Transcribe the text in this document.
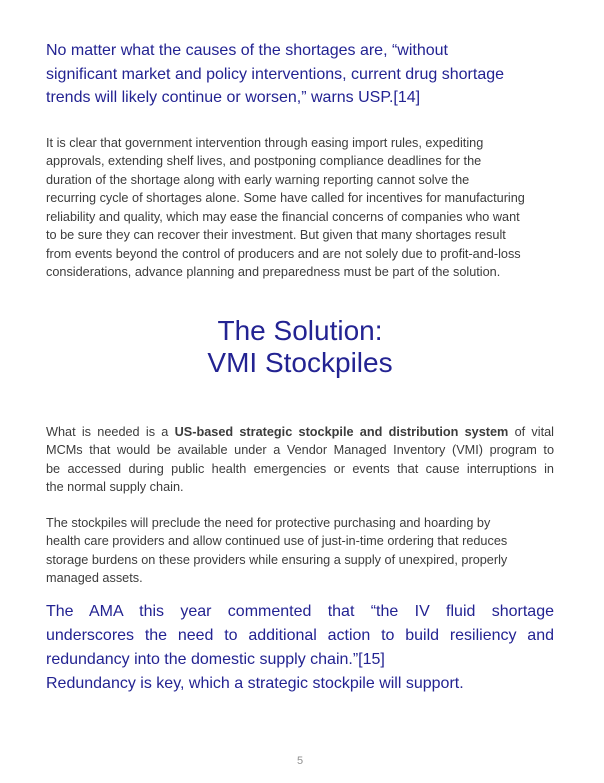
No matter what the causes of the shortages are, “without
significant market and policy interventions, current drug shortage
trends will likely continue or worsen,” warns USP.[14]

It is clear that government intervention through easing import rules, expediting
approvals, extending shelf lives, and postponing compliance deadlines for the
duration of the shortage along with early warning reporting cannot solve the
recurring cycle of shortages alone. Some have called for incentives for manufacturing
reliability and quality, which may ease the financial concerns of companies who want
to be sure they can recover their investment. But given that many shortages result
from events beyond the control of producers and are not solely due to profit-and-loss
considerations, advance planning and preparedness must be part of the solution.

The Solution:
VMI Stockpiles

What is needed is a US-based strategic stockpile and distribution system of vital
MCMs that would be available under a Vendor Managed Inventory (VMI) program to
be accessed during public health emergencies or events that cause interruptions in
the normal supply chain.

The stockpiles will preclude the need for protective purchasing and hoarding by
health care providers and allow continued use of just-in-time ordering that reduces
storage burdens on these providers while ensuring a supply of unexpired, properly
managed assets.

The AMA this year commented that “the IV fluid shortage
underscores the need to additional action to build resiliency and
redundancy into the domestic supply chain.”[15]
Redundancy is key, which a strategic stockpile will support.

5
